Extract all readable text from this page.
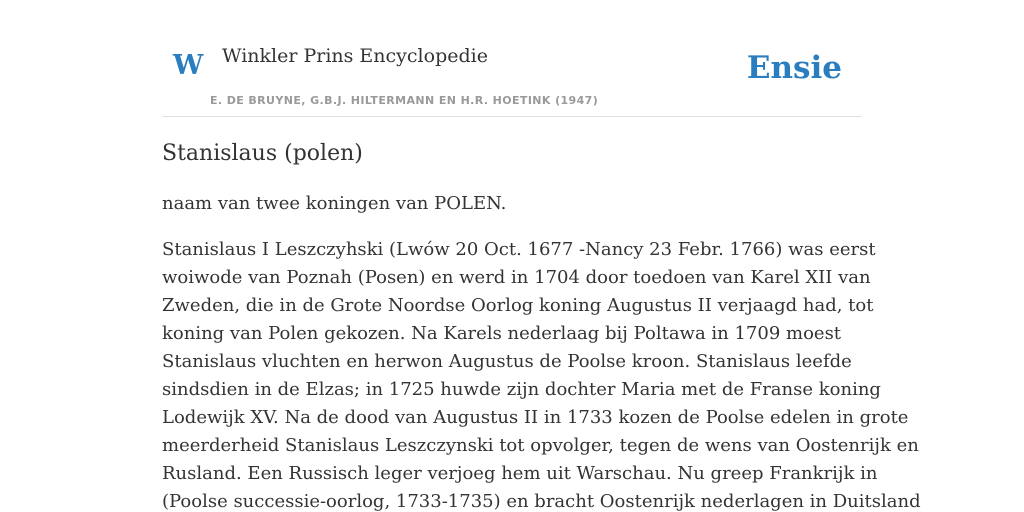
W Winkler Prins Encyclopedie
E. DE BRUYNE, G.B.J. HILTERMANN EN H.R. HOETINK (1947)
Ensie
Stanislaus (polen)

naam van twee koningen van POLEN.

Stanislaus I Leszczyhski (Lwów 20 Oct. 1677 -Nancy 23 Febr. 1766) was eerst
woiwode van Poznah (Posen) en werd in 1704 door toedoen van Karel XII van
Zweden, die in de Grote Noordse Oorlog koning Augustus II verjaagd had, tot
koning van Polen gekozen. Na Karels nederlaag bij Poltawa in 1709 moest
Stanislaus vluchten en herwon Augustus de Poolse kroon. Stanislaus leefde
sindsdien in de Elzas; in 1725 huwde zijn dochter Maria met de Franse koning
Lodewijk XV. Na de dood van Augustus II in 1733 kozen de Poolse edelen in grote
meerderheid Stanislaus Leszczynski tot opvolger, tegen de wens van Oostenrijk en
Rusland. Een Russisch leger verjoeg hem uit Warschau. Nu greep Frankrijk in
(Poolse successie-oorlog, 1733-1735) en bracht Oostenrijk nederlagen in Duitsland
